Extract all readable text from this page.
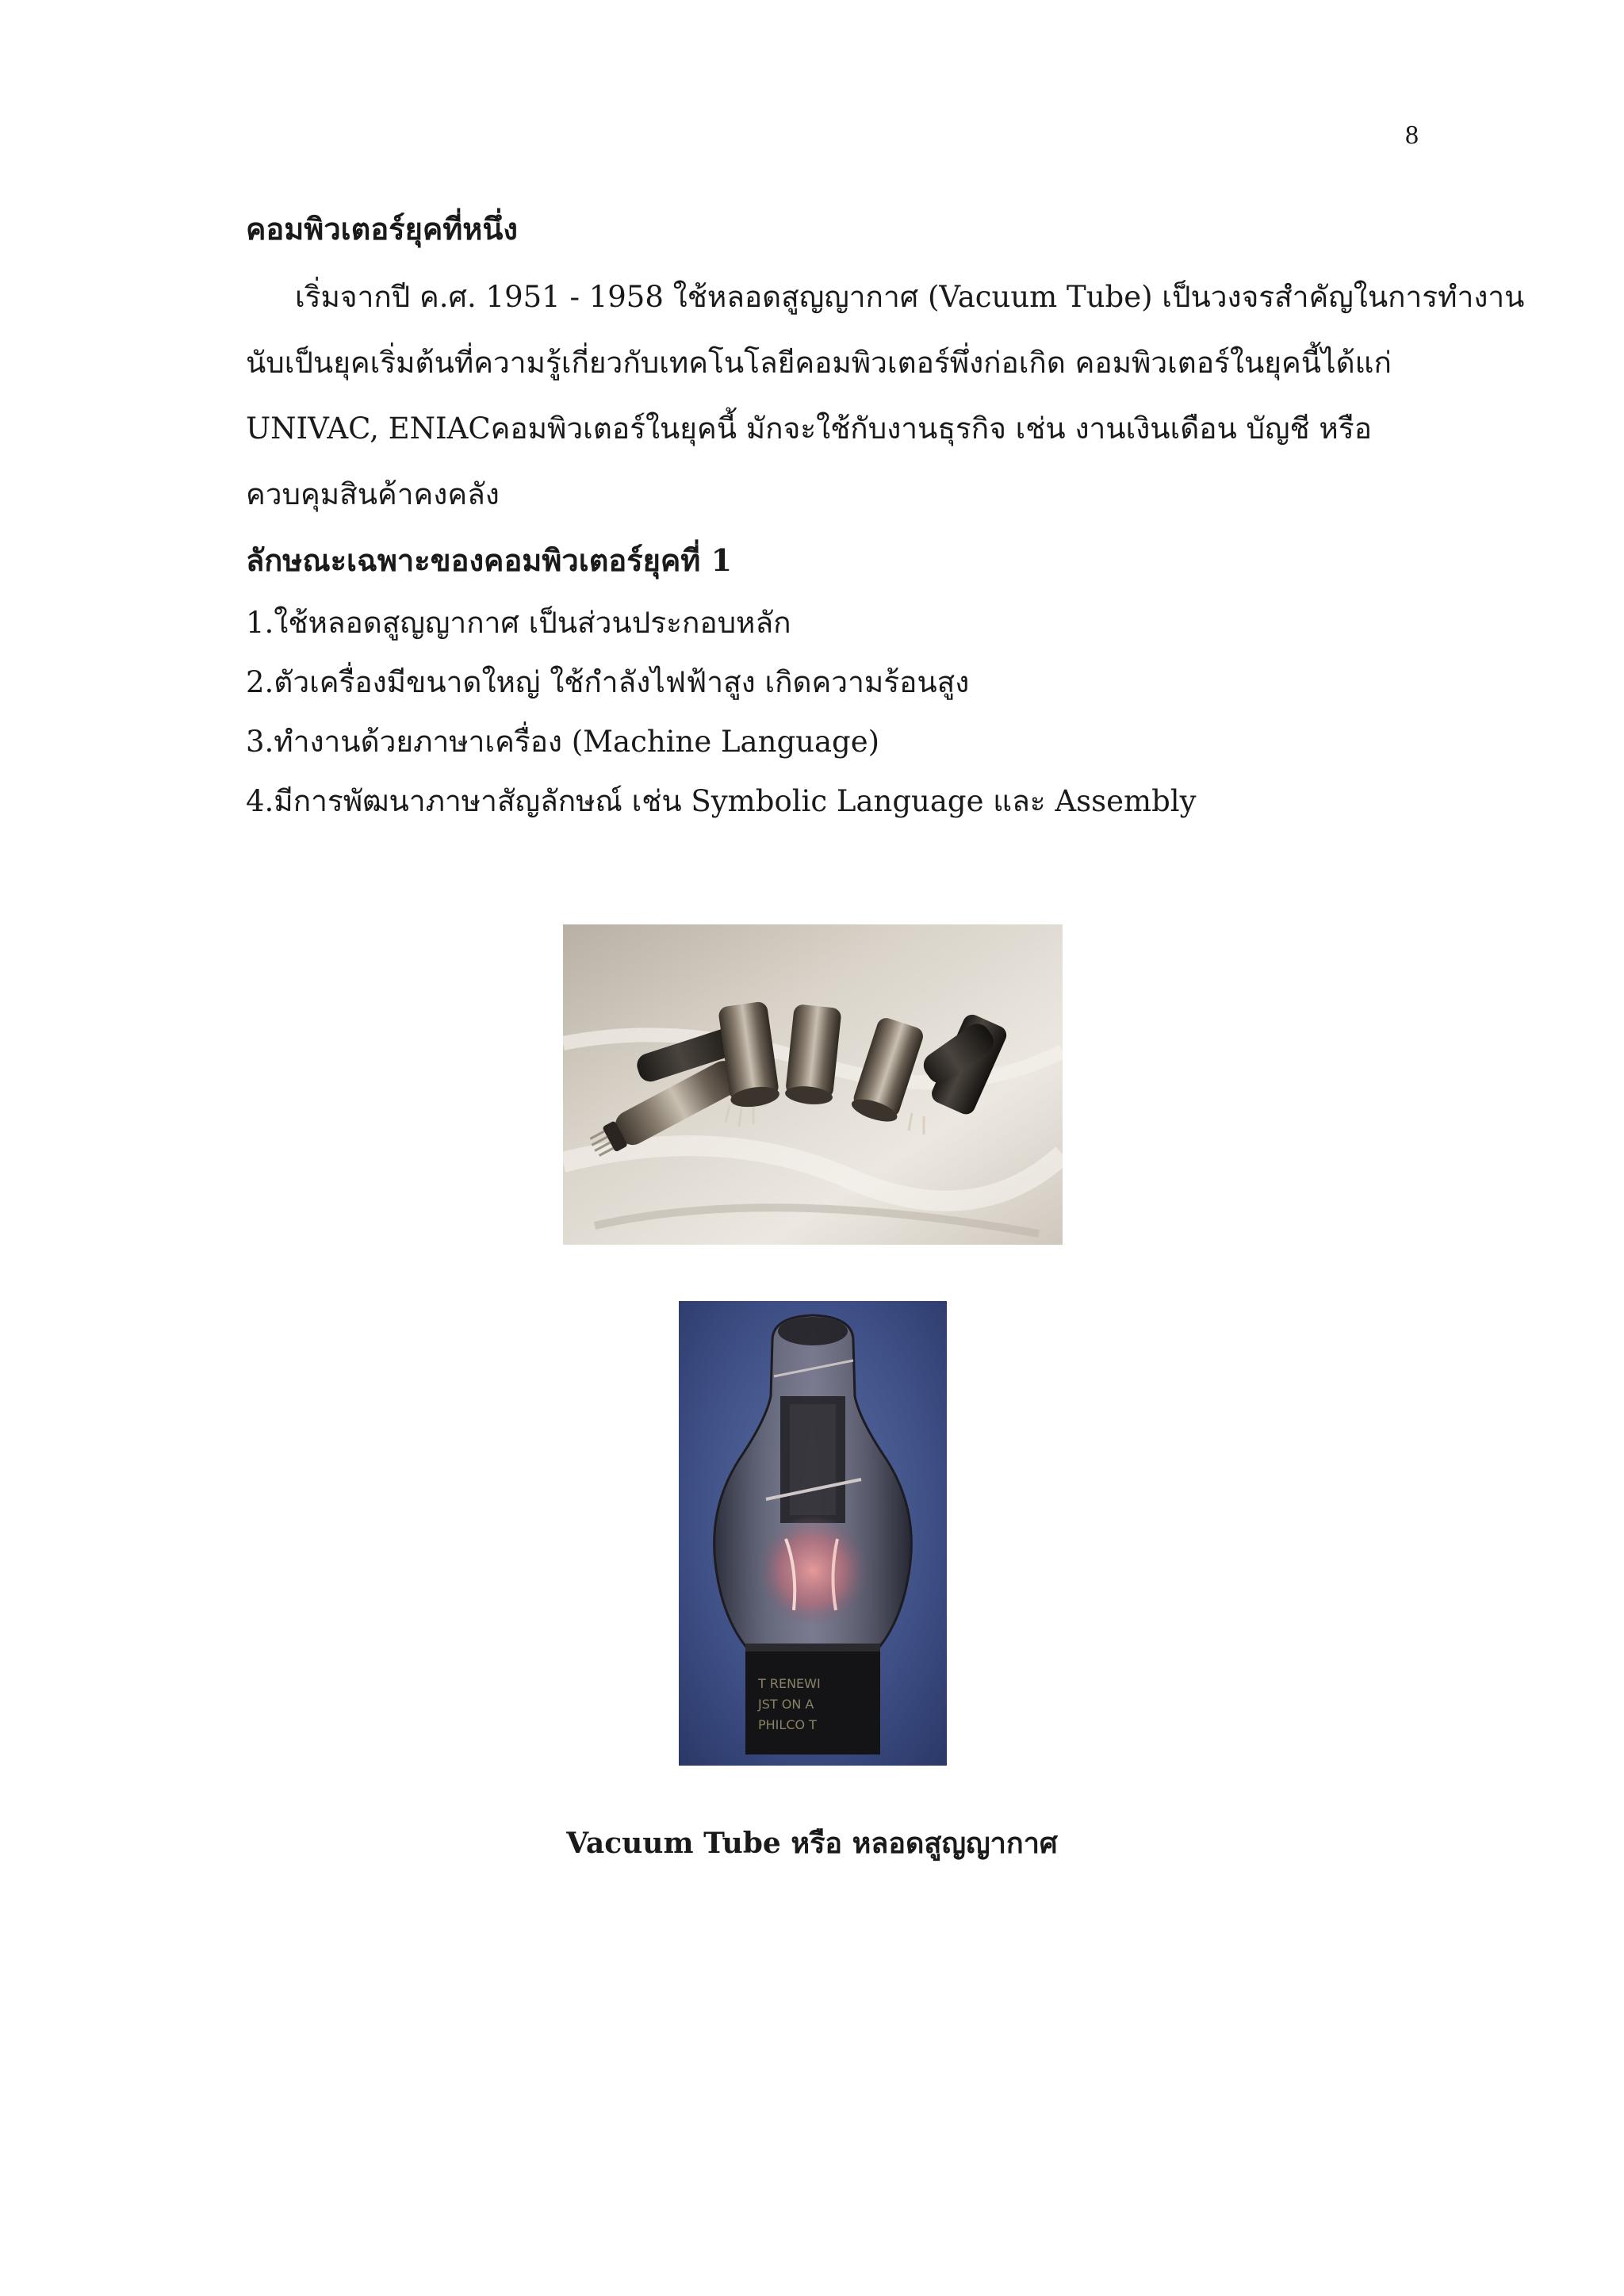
8
คอมพิวเตอร์ยุคที่หนึ่ง
เริ่มจากปี ค.ศ. 1951 - 1958 ใช้หลอดสูญญากาศ (Vacuum Tube) เป็นวงจรสำคัญในการทำงาน
นับเป็นยุคเริ่มต้นที่ความรู้เกี่ยวกับเทคโนโลยีคอมพิวเตอร์พึ่งก่อเกิด คอมพิวเตอร์ในยุคนี้ได้แก่
UNIVAC, ENIACคอมพิวเตอร์ในยุคนี้ มักจะใช้กับงานธุรกิจ เช่น งานเงินเดือน บัญชี หรือ
ควบคุมสินค้าคงคลัง
ลักษณะเฉพาะของคอมพิวเตอร์ยุคที่ 1
1.ใช้หลอดสูญญากาศ เป็นส่วนประกอบหลัก
2.ตัวเครื่องมีขนาดใหญ่ ใช้กำลังไฟฟ้าสูง เกิดความร้อนสูง
3.ทำงานด้วยภาษาเครื่อง (Machine Language)
4.มีการพัฒนาภาษาสัญลักษณ์ เช่น Symbolic Language และ Assembly
T RENEWI
JST ON A
PHILCO T
Vacuum Tube หรือ หลอดสูญญากาศ
